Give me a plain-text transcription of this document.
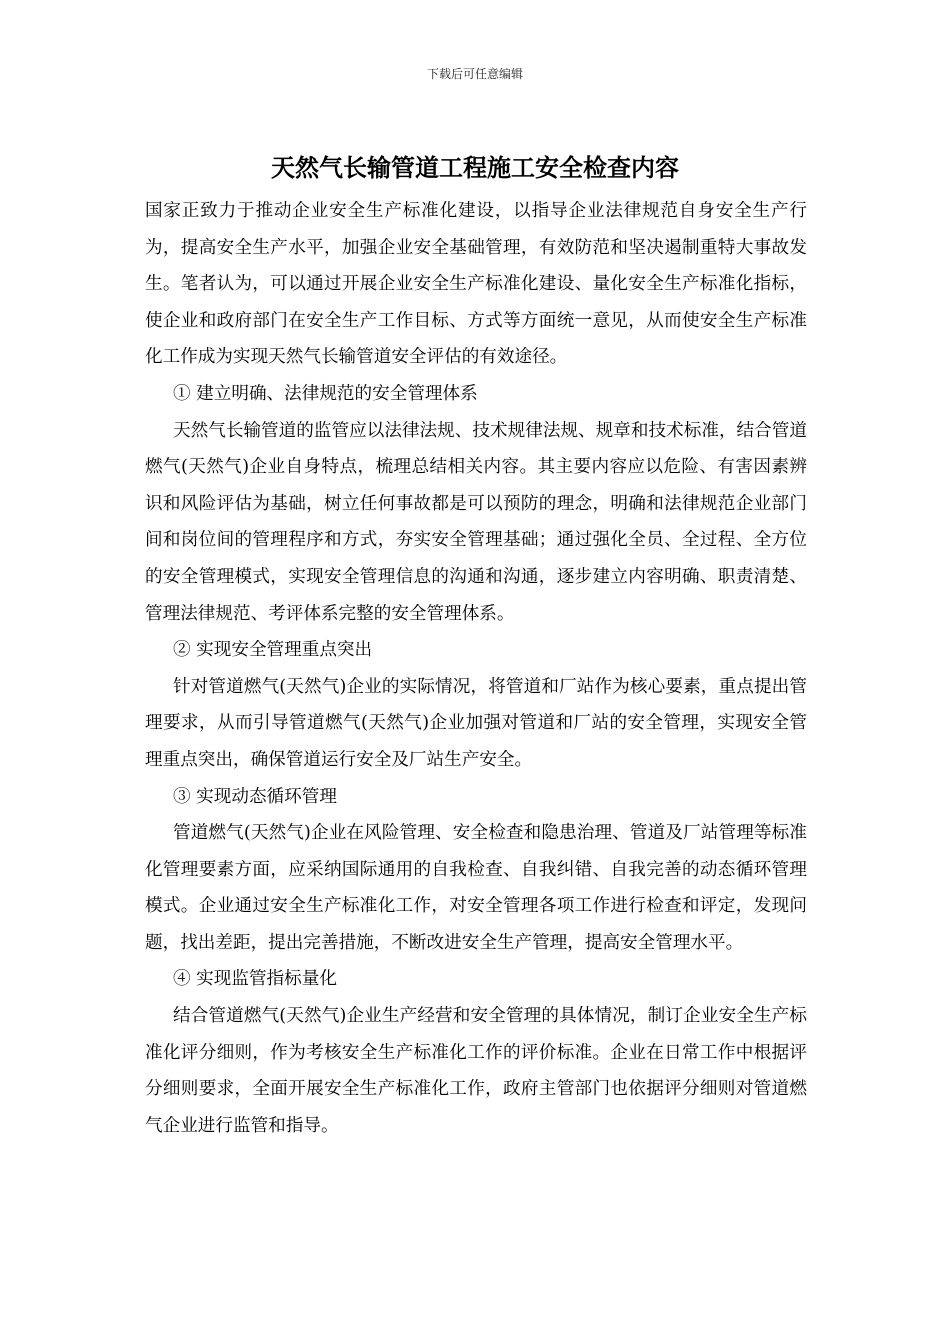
下载后可任意编辑
天然气长输管道工程施工安全检查内容

国家正致力于推动企业安全生产标准化建设，以指导企业法律规范自身安全生产行为，提高安全生产水平，加强企业安全基础管理，有效防范和坚决遏制重特大事故发生。笔者认为，可以通过开展企业安全生产标准化建设、量化安全生产标准化指标，使企业和政府部门在安全生产工作目标、方式等方面统一意见，从而使安全生产标准化工作成为实现天然气长输管道安全评估的有效途径。

① 建立明确、法律规范的安全管理体系

天然气长输管道的监管应以法律法规、技术规律法规、规章和技术标准，结合管道燃气(天然气)企业自身特点，梳理总结相关内容。其主要内容应以危险、有害因素辨识和风险评估为基础，树立任何事故都是可以预防的理念，明确和法律规范企业部门间和岗位间的管理程序和方式，夯实安全管理基础；通过强化全员、全过程、全方位的安全管理模式，实现安全管理信息的沟通和沟通，逐步建立内容明确、职责清楚、管理法律规范、考评体系完整的安全管理体系。

② 实现安全管理重点突出

针对管道燃气(天然气)企业的实际情况，将管道和厂站作为核心要素，重点提出管理要求，从而引导管道燃气(天然气)企业加强对管道和厂站的安全管理，实现安全管理重点突出，确保管道运行安全及厂站生产安全。

③ 实现动态循环管理

管道燃气(天然气)企业在风险管理、安全检查和隐患治理、管道及厂站管理等标准化管理要素方面，应采纳国际通用的自我检查、自我纠错、自我完善的动态循环管理模式。企业通过安全生产标准化工作，对安全管理各项工作进行检查和评定，发现问题，找出差距，提出完善措施，不断改进安全生产管理，提高安全管理水平。

④ 实现监管指标量化

结合管道燃气(天然气)企业生产经营和安全管理的具体情况，制订企业安全生产标准化评分细则，作为考核安全生产标准化工作的评价标准。企业在日常工作中根据评分细则要求，全面开展安全生产标准化工作，政府主管部门也依据评分细则对管道燃气企业进行监管和指导。
